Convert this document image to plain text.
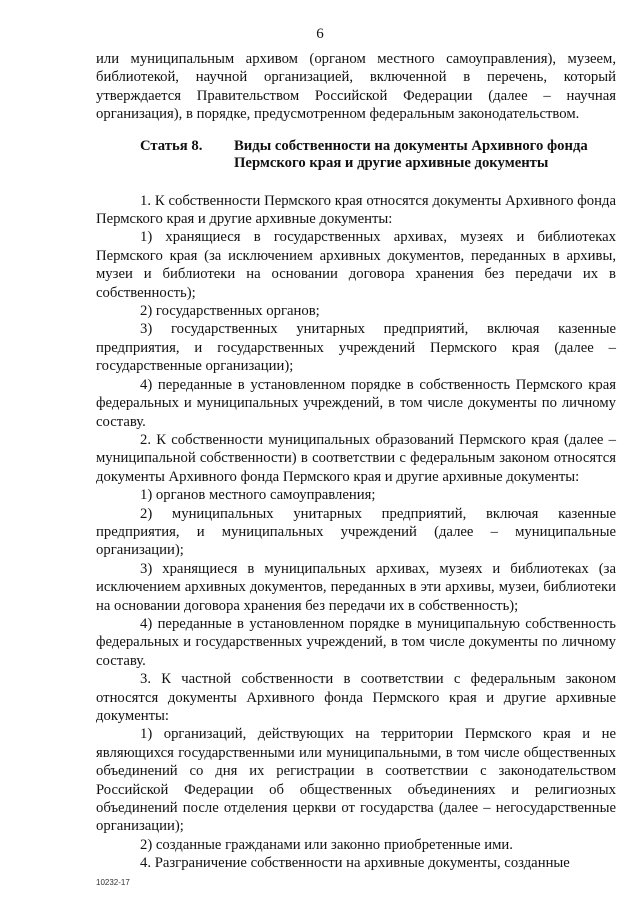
6

или муниципальным архивом (органом местного самоуправления), музеем, библиотекой, научной организацией, включенной в перечень, который утверждается Правительством Российской Федерации (далее – научная организация), в порядке, предусмотренном федеральным законодательством.

Статья 8. Виды собственности на документы Архивного фонда Пермского края и другие архивные документы

1. К собственности Пермского края относятся документы Архивного фонда Пермского края и другие архивные документы:

1) хранящиеся в государственных архивах, музеях и библиотеках Пермского края (за исключением архивных документов, переданных в архивы, музеи и библиотеки на основании договора хранения без передачи их в собственность);

2) государственных органов;

3) государственных унитарных предприятий, включая казенные предприятия, и государственных учреждений Пермского края (далее – государственные организации);

4) переданные в установленном порядке в собственность Пермского края федеральных и муниципальных учреждений, в том числе документы по личному составу.

2. К собственности муниципальных образований Пермского края (далее – муниципальной собственности) в соответствии с федеральным законом относятся документы Архивного фонда Пермского края и другие архивные документы:

1) органов местного самоуправления;

2) муниципальных унитарных предприятий, включая казенные предприятия, и муниципальных учреждений (далее – муниципальные организации);

3) хранящиеся в муниципальных архивах, музеях и библиотеках (за исключением архивных документов, переданных в эти архивы, музеи, библиотеки на основании договора хранения без передачи их в собственность);

4) переданные в установленном порядке в муниципальную собственность федеральных и государственных учреждений, в том числе документы по личному составу.

3. К частной собственности в соответствии с федеральным законом относятся документы Архивного фонда Пермского края и другие архивные документы:

1) организаций, действующих на территории Пермского края и не являющихся государственными или муниципальными, в том числе общественных объединений со дня их регистрации в соответствии с законодательством Российской Федерации об общественных объединениях и религиозных объединений после отделения церкви от государства (далее – негосударственные организации);

2) созданные гражданами или законно приобретенные ими.

4. Разграничение собственности на архивные документы, созданные

10232-17
